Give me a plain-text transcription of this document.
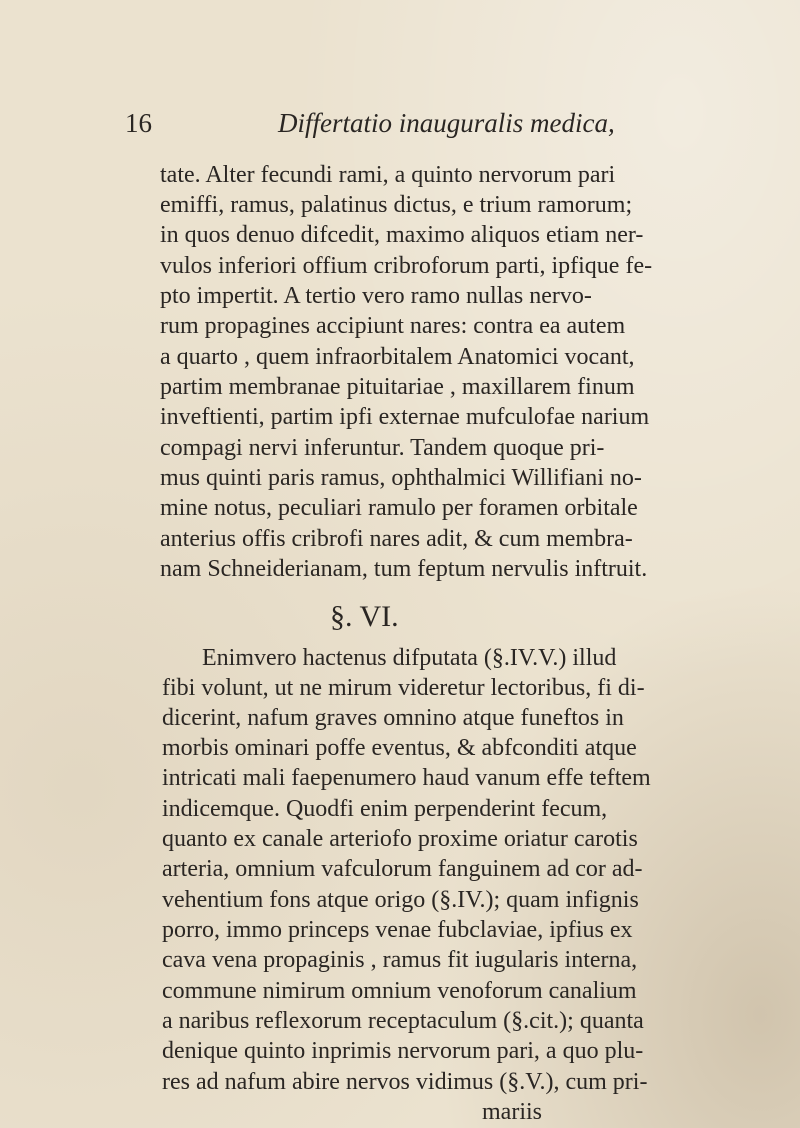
16	Differtatio inauguralis medica,
tate. Alter fecundi rami, a quinto nervorum pari
emiffi, ramus, palatinus dictus, e trium ramorum;
in quos denuo difcedit, maximo aliquos etiam ner-
vulos inferiori offium cribroforum parti, ipfique fe-
pto impertit. A tertio vero ramo nullas nervo-
rum propagines accipiunt nares: contra ea autem
a quarto , quem infraorbitalem Anatomici vocant,
partim membranae pituitariae , maxillarem finum
inveftienti, partim ipfi externae mufculofae narium
compagi nervi inferuntur. Tandem quoque pri-
mus quinti paris ramus, ophthalmici Willifiani no-
mine notus, peculiari ramulo per foramen orbitale
anterius offis cribrofi nares adit, & cum membra-
nam Schneiderianam, tum feptum nervulis inftruit.
§. VI.
Enimvero hactenus difputata (§.IV.V.) illud
fibi volunt, ut ne mirum videretur lectoribus, fi di-
dicerint, nafum graves omnino atque funeftos in
morbis ominari poffe eventus, & abfconditi atque
intricati mali faepenumero haud vanum effe teftem
indicemque. Quodfi enim perpenderint fecum,
quanto ex canale arteriofo proxime oriatur carotis
arteria, omnium vafculorum fanguinem ad cor ad-
vehentium fons atque origo (§.IV.); quam infignis
porro, immo princeps venae fubclaviae, ipfius ex
cava vena propaginis , ramus fit iugularis interna,
commune nimirum omnium venoforum canalium
a naribus reflexorum receptaculum (§.cit.); quanta
denique quinto inprimis nervorum pari, a quo plu-
res ad nafum abire nervos vidimus (§.V.), cum pri-
mariis
